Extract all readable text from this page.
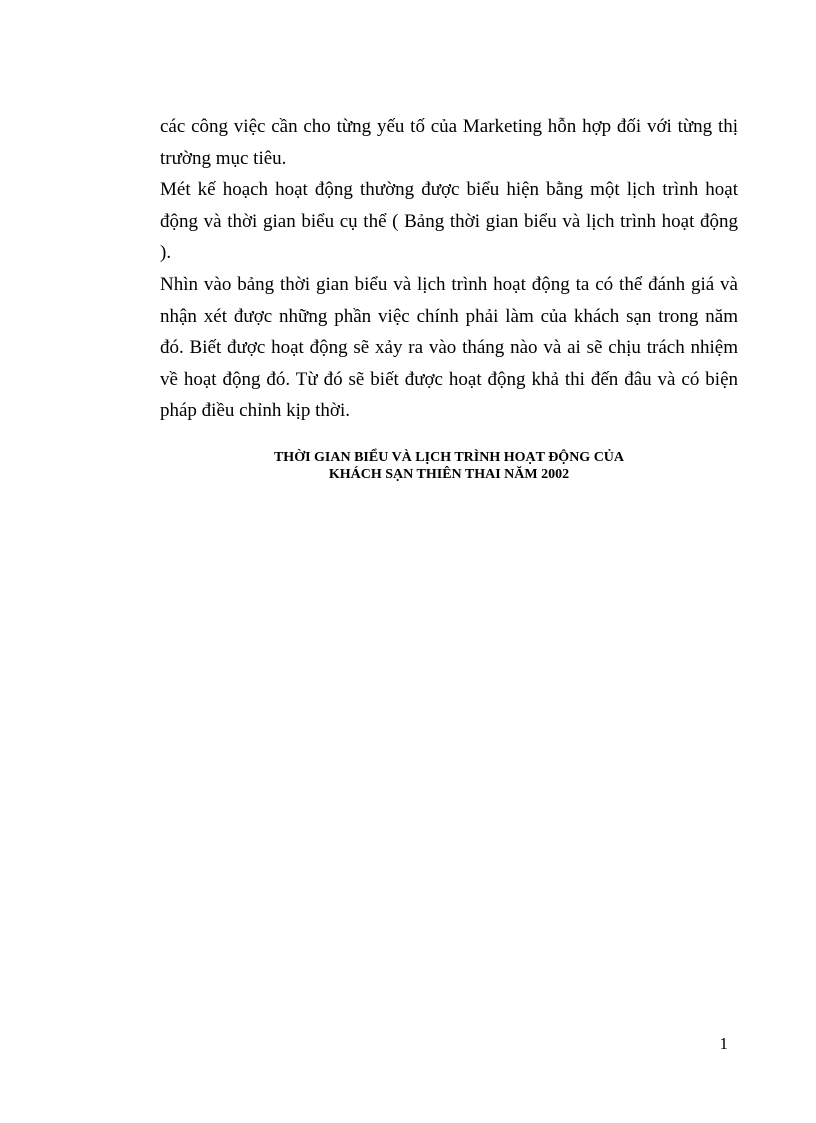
các công việc cần cho từng yếu tố của Marketing hỗn hợp đối với từng thị trường mục tiêu.

Mét kế hoạch hoạt động thường được biểu hiện bằng một lịch trình hoạt động và thời gian biểu cụ thể ( Bảng thời gian biểu và lịch trình hoạt động ).

Nhìn vào bảng thời gian biểu và lịch trình hoạt động ta có thể đánh giá và nhận xét được những phần việc chính phải làm của khách sạn trong năm đó. Biết được hoạt động sẽ xảy ra vào tháng nào và ai sẽ chịu trách nhiệm về hoạt động đó. Từ đó sẽ biết được hoạt động khả thi đến đâu và có biện pháp điều chỉnh kịp thời.

THỜI GIAN BIỂU VÀ LỊCH TRÌNH HOẠT ĐỘNG CỦA
KHÁCH SẠN THIÊN THAI NĂM 2002
1
